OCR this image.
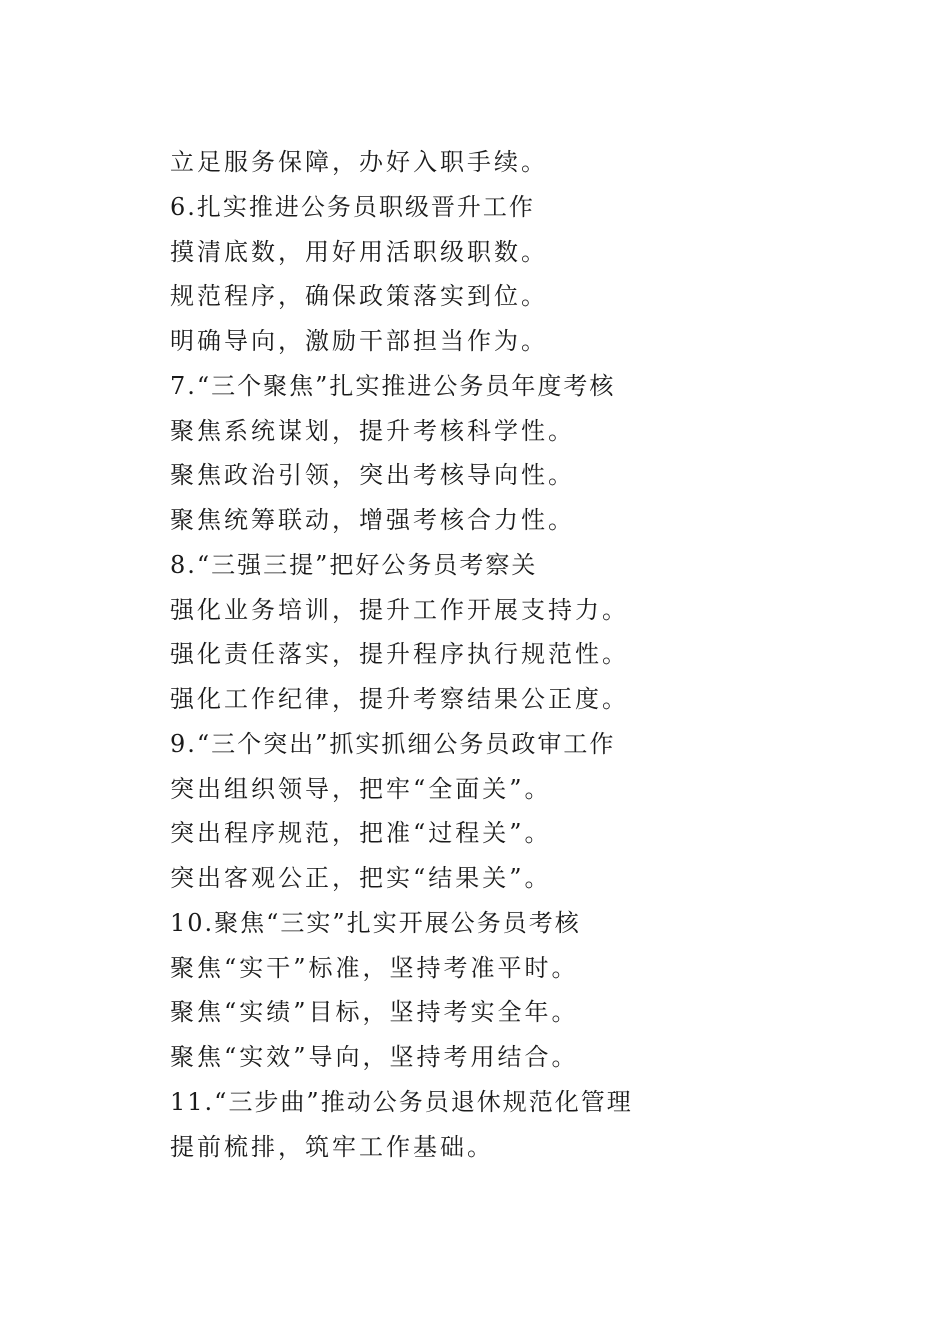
立足服务保障，办好入职手续。
6.扎实推进公务员职级晋升工作
摸清底数，用好用活职级职数。
规范程序，确保政策落实到位。
明确导向，激励干部担当作为。
7.“三个聚焦”扎实推进公务员年度考核
聚焦系统谋划，提升考核科学性。
聚焦政治引领，突出考核导向性。
聚焦统筹联动，增强考核合力性。
8.“三强三提”把好公务员考察关
强化业务培训，提升工作开展支持力。
强化责任落实，提升程序执行规范性。
强化工作纪律，提升考察结果公正度。
9.“三个突出”抓实抓细公务员政审工作
突出组织领导，把牢“全面关”。
突出程序规范，把准“过程关”。
突出客观公正，把实“结果关”。
10.聚焦“三实”扎实开展公务员考核
聚焦“实干”标准，坚持考准平时。
聚焦“实绩”目标，坚持考实全年。
聚焦“实效”导向，坚持考用结合。
11.“三步曲”推动公务员退休规范化管理
提前梳排，筑牢工作基础。
